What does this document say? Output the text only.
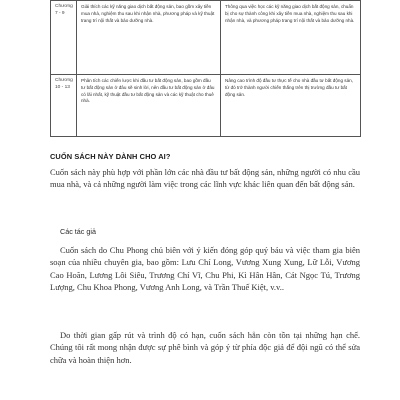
Chương 7 - 9	Giải thích các kỹ năng giao dịch bất động sản, bao gồm xây tiền mua nhà, nghiệm thu sau khi nhận nhà, phương pháp và kỹ thuật trang trí nội thất và bảo dưỡng nhà.	Thông qua việc học các kỹ năng giao dịch bất động sản, chuẩn bị cho sự thành công khi xây tiền mua nhà, nghiệm thu sau khi nhận nhà, và phương pháp trang trí nội thất và bảo dưỡng nhà.
Chương 10 - 13	Phân tích các chiến lược khi đầu tư bất động sản, bao gồm đầu tư bất động sản ở đâu sẽ sinh lời, nên đầu tư bất động sản ở đâu có lãi nhất, kỹ thuật đầu tư bất động sản và các kỹ thuật cho thuê nhà.	Nâng cao trình độ đầu tư thực tế cho nhà đầu tư bất động sản, từ đó trở thành người chiến thắng trên thị trường đầu tư bất động sản.
CUỐN SÁCH NÀY DÀNH CHO AI?

Cuốn sách này phù hợp với phần lớn các nhà đầu tư bất động sản, những người có nhu cầu mua nhà, và cả những người làm việc trong các lĩnh vực khác liên quan đến bất động sản.

Các tác giả

Cuốn sách do Chu Phong chủ biên với ý kiến đóng góp quý báu và việc tham gia biên soạn của nhiều chuyên gia, bao gồm: Lưu Chí Long, Vương Xung Xung, Lữ Lỗi, Vương Cao Hoãn, Lương Lôi Siêu, Trương Chí Vĩ, Chu Phi, Kì Hân Hân, Cát Ngọc Tú, Trương Lượng, Chu Khoa Phong, Vương Anh Long, và Trần Thuế Kiệt, v.v..

Do thời gian gấp rút và trình độ có hạn, cuốn sách hẳn còn tồn tại những hạn chế. Chúng tôi rất mong nhận được sự phê bình và góp ý từ phía độc giả để đội ngũ có thể sửa chữa và hoàn thiện hơn.
